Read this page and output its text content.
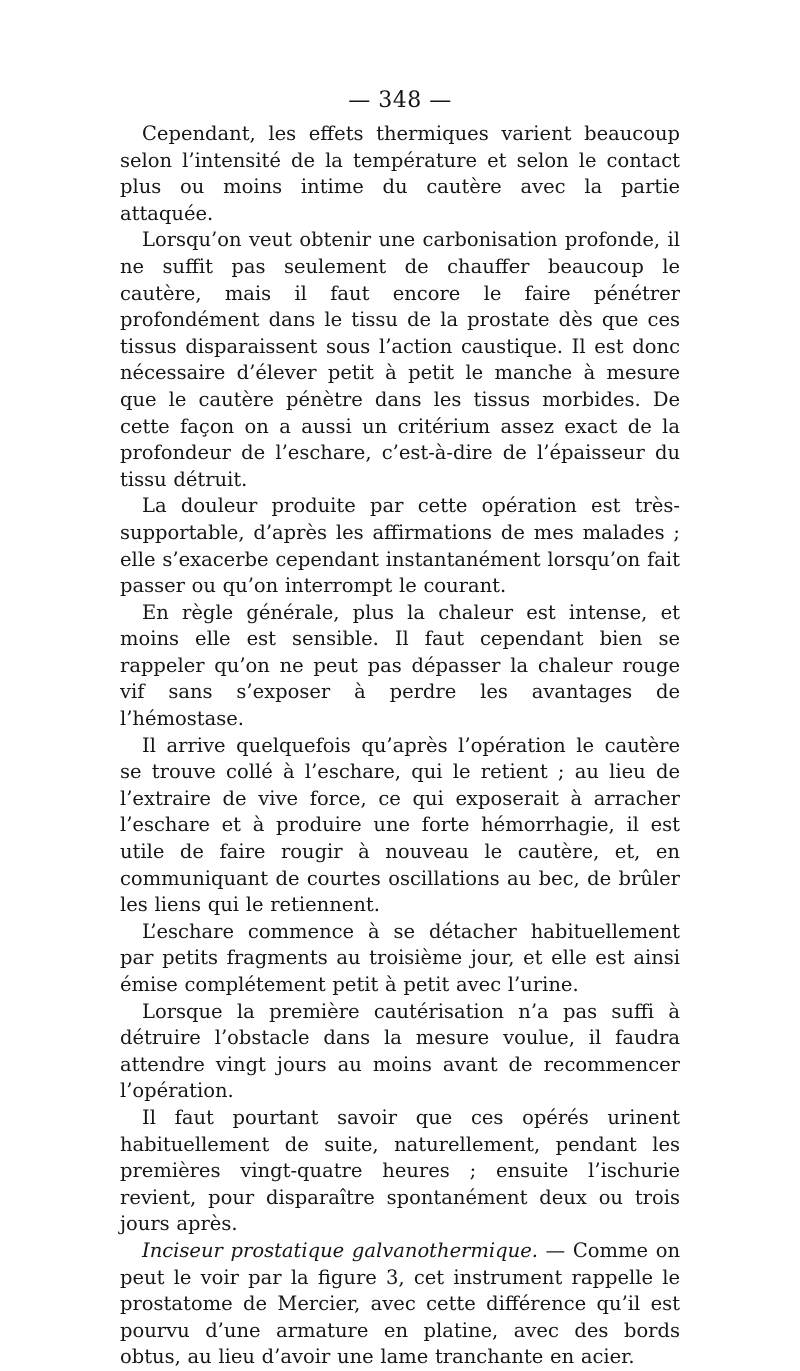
— 348 —

Cependant, les effets thermiques varient beaucoup selon l’intensité de la température et selon le contact plus ou moins intime du cautère avec la partie attaquée.

Lorsqu’on veut obtenir une carbonisation profonde, il ne suffit pas seulement de chauffer beaucoup le cautère, mais il faut encore le faire pénétrer profondément dans le tissu de la prostate dès que ces tissus disparaissent sous l’action caustique. Il est donc nécessaire d’élever petit à petit le manche à mesure que le cautère pénètre dans les tissus morbides. De cette façon on a aussi un critérium assez exact de la profondeur de l’eschare, c’est-à-dire de l’épaisseur du tissu détruit.

La douleur produite par cette opération est très-supportable, d’après les affirmations de mes malades ; elle s’exacerbe cependant instantanément lorsqu’on fait passer ou qu’on interrompt le courant.

En règle générale, plus la chaleur est intense, et moins elle est sensible. Il faut cependant bien se rappeler qu’on ne peut pas dépasser la chaleur rouge vif sans s’exposer à perdre les avantages de l’hémostase.

Il arrive quelquefois qu’après l’opération le cautère se trouve collé à l’eschare, qui le retient ; au lieu de l’extraire de vive force, ce qui exposerait à arracher l’eschare et à produire une forte hémorrhagie, il est utile de faire rougir à nouveau le cautère, et, en communiquant de courtes oscillations au bec, de brûler les liens qui le retiennent.

L’eschare commence à se détacher habituellement par petits fragments au troisième jour, et elle est ainsi émise complétement petit à petit avec l’urine.

Lorsque la première cautérisation n’a pas suffi à détruire l’obstacle dans la mesure voulue, il faudra attendre vingt jours au moins avant de recommencer l’opération.

Il faut pourtant savoir que ces opérés urinent habituellement de suite, naturellement, pendant les premières vingt-quatre heures ; ensuite l’ischurie revient, pour disparaître spontanément deux ou trois jours après.

Inciseur prostatique galvanothermique. — Comme on peut le voir par la figure 3, cet instrument rappelle le prostatome de Mercier, avec cette différence qu’il est pourvu d’une armature en platine, avec des bords obtus, au lieu d’avoir une lame tranchante en acier.
